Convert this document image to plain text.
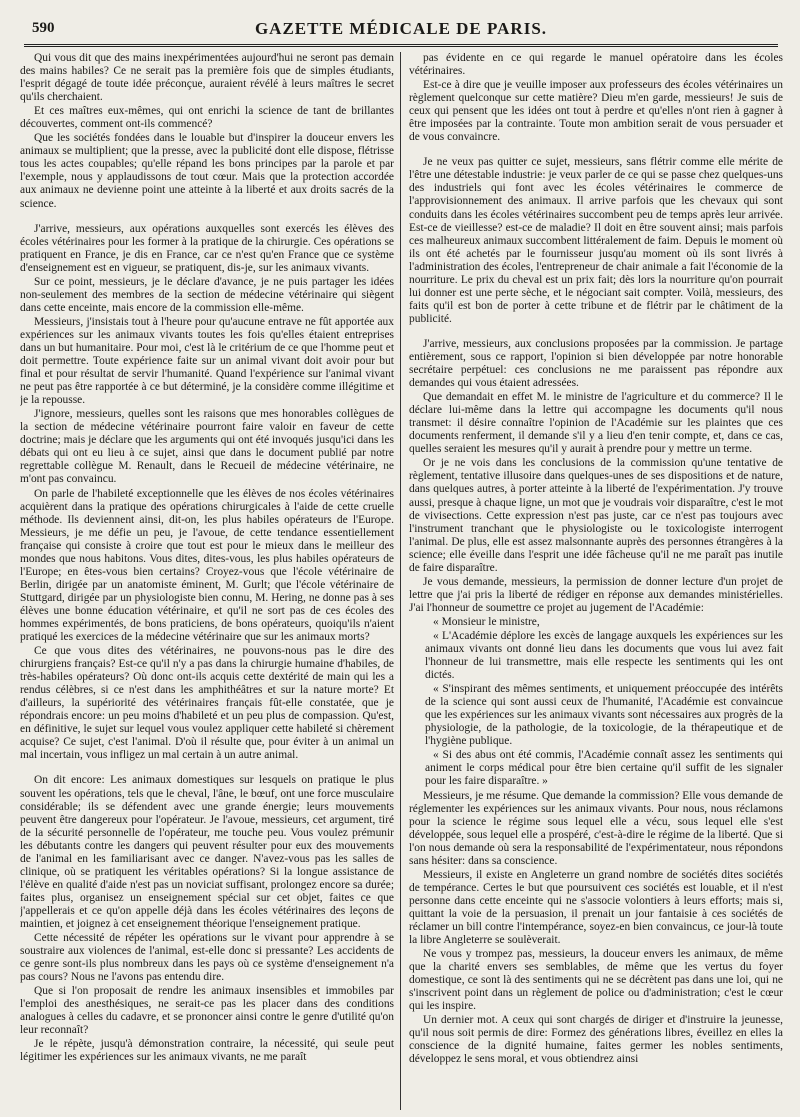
590	GAZETTE MÉDICALE DE PARIS.

Qui vous dit que des mains inexpérimentées aujourd'hui ne seront pas demain des mains habiles? Ce ne serait pas la première fois que de simples étudiants, l'esprit dégagé de toute idée préconçue, auraient révélé à leurs maîtres le secret qu'ils cherchaient.

Et ces maîtres eux-mêmes, qui ont enrichi la science de tant de brillantes découvertes, comment ont-ils commencé?

Que les sociétés fondées dans le louable but d'inspirer la douceur envers les animaux se multiplient; que la presse, avec la publicité dont elle dispose, flétrisse tous les actes coupables; qu'elle répand les bons principes par la parole et par l'exemple, nous y applaudissons de tout cœur. Mais que la protection accordée aux animaux ne devienne point une atteinte à la liberté et aux droits sacrés de la science.

J'arrive, messieurs, aux opérations auxquelles sont exercés les élèves des écoles vétérinaires pour les former à la pratique de la chirurgie. Ces opérations se pratiquent en France, je dis en France, car ce n'est qu'en France que ce système d'enseignement est en vigueur, se pratiquent, dis-je, sur les animaux vivants.

Sur ce point, messieurs, je le déclare d'avance, je ne puis partager les idées non-seulement des membres de la section de médecine vétérinaire qui siègent dans cette enceinte, mais encore de la commission elle-même.

Messieurs, j'insistais tout à l'heure pour qu'aucune entrave ne fût apportée aux expériences sur les animaux vivants toutes les fois qu'elles étaient entreprises dans un but humanitaire. Pour moi, c'est là le critérium de ce que l'homme peut et doit permettre. Toute expérience faite sur un animal vivant doit avoir pour but final et pour résultat de servir l'humanité. Quand l'expérience sur l'animal vivant ne peut pas être rapportée à ce but déterminé, je la considère comme illégitime et je la repousse.

J'ignore, messieurs, quelles sont les raisons que mes honorables collègues de la section de médecine vétérinaire pourront faire valoir en faveur de cette doctrine; mais je déclare que les arguments qui ont été invoqués jusqu'ici dans les débats qui ont eu lieu à ce sujet, ainsi que dans le document publié par notre regrettable collègue M. Renault, dans le Recueil de médecine vétérinaire, ne m'ont pas convaincu.

On parle de l'habileté exceptionnelle que les élèves de nos écoles vétérinaires acquièrent dans la pratique des opérations chirurgicales à l'aide de cette cruelle méthode. Ils deviennent ainsi, dit-on, les plus habiles opérateurs de l'Europe. Messieurs, je me défie un peu, je l'avoue, de cette tendance essentiellement française qui consiste à croire que tout est pour le mieux dans le meilleur des mondes que nous habitons. Vous dites, dites-vous, les plus habiles opérateurs de l'Europe; en êtes-vous bien certains? Croyez-vous que l'école vétérinaire de Berlin, dirigée par un anatomiste éminent, M. Gurlt; que l'école vétérinaire de Stuttgard, dirigée par un physiologiste bien connu, M. Hering, ne donne pas à ses élèves une bonne éducation vétérinaire, et qu'il ne sort pas de ces écoles des hommes expérimentés, de bons praticiens, de bons opérateurs, quoiqu'ils n'aient pratiqué les exercices de la médecine vétérinaire que sur les animaux morts?

Ce que vous dites des vétérinaires, ne pouvons-nous pas le dire des chirurgiens français? Est-ce qu'il n'y a pas dans la chirurgie humaine d'habiles, de très-habiles opérateurs? Où donc ont-ils acquis cette dextérité de main qui les a rendus célèbres, si ce n'est dans les amphithéâtres et sur la nature morte? Et d'ailleurs, la supériorité des vétérinaires français fût-elle constatée, que je répondrais encore: un peu moins d'habileté et un peu plus de compassion. Qu'est, en définitive, le sujet sur lequel vous voulez appliquer cette habileté si chèrement acquise? Ce sujet, c'est l'animal. D'où il résulte que, pour éviter à un animal un mal incertain, vous infligez un mal certain à un autre animal.

On dit encore: Les animaux domestiques sur lesquels on pratique le plus souvent les opérations, tels que le cheval, l'âne, le bœuf, ont une force musculaire considérable; ils se défendent avec une grande énergie; leurs mouvements peuvent être dangereux pour l'opérateur. Je l'avoue, messieurs, cet argument, tiré de la sécurité personnelle de l'opérateur, me touche peu. Vous voulez prémunir les débutants contre les dangers qui peuvent résulter pour eux des mouvements de l'animal en les familiarisant avec ce danger. N'avez-vous pas les salles de clinique, où se pratiquent les véritables opérations? Si la longue assistance de l'élève en qualité d'aide n'est pas un noviciat suffisant, prolongez encore sa durée; faites plus, organisez un enseignement spécial sur cet objet, faites ce que j'appellerais et ce qu'on appelle déjà dans les écoles vétérinaires des leçons de maintien, et joignez à cet enseignement théorique l'enseignement pratique.

Cette nécessité de répéter les opérations sur le vivant pour apprendre à se soustraire aux violences de l'animal, est-elle donc si pressante? Les accidents de ce genre sont-ils plus nombreux dans les pays où ce système d'enseignement n'a pas cours? Nous ne l'avons pas entendu dire.

Que si l'on proposait de rendre les animaux insensibles et immobiles par l'emploi des anesthésiques, ne serait-ce pas les placer dans des conditions analogues à celles du cadavre, et se prononcer ainsi contre le genre d'utilité qu'on leur reconnaît?

Je le répète, jusqu'à démonstration contraire, la nécessité, qui seule peut légitimer les expériences sur les animaux vivants, ne me paraît

pas évidente en ce qui regarde le manuel opératoire dans les écoles vétérinaires.

Est-ce à dire que je veuille imposer aux professeurs des écoles vétérinaires un règlement quelconque sur cette matière? Dieu m'en garde, messieurs! Je suis de ceux qui pensent que les idées ont tout à perdre et qu'elles n'ont rien à gagner à être imposées par la contrainte. Toute mon ambition serait de vous persuader et de vous convaincre.

Je ne veux pas quitter ce sujet, messieurs, sans flétrir comme elle mérite de l'être une détestable industrie: je veux parler de ce qui se passe chez quelques-uns des industriels qui font avec les écoles vétérinaires le commerce de l'approvisionnement des animaux. Il arrive parfois que les chevaux qui sont conduits dans les écoles vétérinaires succombent peu de temps après leur arrivée. Est-ce de vieillesse? est-ce de maladie? Il doit en être souvent ainsi; mais parfois ces malheureux animaux succombent littéralement de faim. Depuis le moment où ils ont été achetés par le fournisseur jusqu'au moment où ils sont livrés à l'administration des écoles, l'entrepreneur de chair animale a fait l'économie de la nourriture. Le prix du cheval est un prix fait; dès lors la nourriture qu'on pourrait lui donner est une perte sèche, et le négociant sait compter. Voilà, messieurs, des faits qu'il est bon de porter à cette tribune et de flétrir par le châtiment de la publicité.

J'arrive, messieurs, aux conclusions proposées par la commission. Je partage entièrement, sous ce rapport, l'opinion si bien développée par notre honorable secrétaire perpétuel: ces conclusions ne me paraissent pas répondre aux demandes qui vous étaient adressées.

Que demandait en effet M. le ministre de l'agriculture et du commerce? Il le déclare lui-même dans la lettre qui accompagne les documents qu'il nous transmet: il désire connaître l'opinion de l'Académie sur les plaintes que ces documents renferment, il demande s'il y a lieu d'en tenir compte, et, dans ce cas, quelles seraient les mesures qu'il y aurait à prendre pour y mettre un terme.

Or je ne vois dans les conclusions de la commission qu'une tentative de règlement, tentative illusoire dans quelques-unes de ses dispositions et de nature, dans quelques autres, à porter atteinte à la liberté de l'expérimentation. J'y trouve aussi, presque à chaque ligne, un mot que je voudrais voir disparaître, c'est le mot de vivisections. Cette expression n'est pas juste, car ce n'est pas toujours avec l'instrument tranchant que le physiologiste ou le toxicologiste interrogent l'animal. De plus, elle est assez malsonnante auprès des personnes étrangères à la science; elle éveille dans l'esprit une idée fâcheuse qu'il ne me paraît pas inutile de faire disparaître.

Je vous demande, messieurs, la permission de donner lecture d'un projet de lettre que j'ai pris la liberté de rédiger en réponse aux demandes ministérielles. J'ai l'honneur de soumettre ce projet au jugement de l'Académie:

« Monsieur le ministre,

« L'Académie déplore les excès de langage auxquels les expériences sur les animaux vivants ont donné lieu dans les documents que vous lui avez fait l'honneur de lui transmettre, mais elle respecte les sentiments qui les ont dictés.

« S'inspirant des mêmes sentiments, et uniquement préoccupée des intérêts de la science qui sont aussi ceux de l'humanité, l'Académie est convaincue que les expériences sur les animaux vivants sont nécessaires aux progrès de la physiologie, de la pathologie, de la toxicologie, de la thérapeutique et de l'hygiène publique.

« Si des abus ont été commis, l'Académie connaît assez les sentiments qui animent le corps médical pour être bien certaine qu'il suffit de les signaler pour les faire disparaître. »

Messieurs, je me résume. Que demande la commission? Elle vous demande de réglementer les expériences sur les animaux vivants. Pour nous, nous réclamons pour la science le régime sous lequel elle a vécu, sous lequel elle s'est développée, sous lequel elle a prospéré, c'est-à-dire le régime de la liberté. Que si l'on nous demande où sera la responsabilité de l'expérimentateur, nous répondons sans hésiter: dans sa conscience.

Messieurs, il existe en Angleterre un grand nombre de sociétés dites sociétés de tempérance. Certes le but que poursuivent ces sociétés est louable, et il n'est personne dans cette enceinte qui ne s'associe volontiers à leurs efforts; mais si, quittant la voie de la persuasion, il prenait un jour fantaisie à ces sociétés de réclamer un bill contre l'intempérance, soyez-en bien convaincus, ce jour-là toute la libre Angleterre se soulèverait.

Ne vous y trompez pas, messieurs, la douceur envers les animaux, de même que la charité envers ses semblables, de même que les vertus du foyer domestique, ce sont là des sentiments qui ne se décrètent pas dans une loi, qui ne s'inscrivent point dans un règlement de police ou d'administration; c'est le cœur qui les inspire.

Un dernier mot. A ceux qui sont chargés de diriger et d'instruire la jeunesse, qu'il nous soit permis de dire: Formez des générations libres, éveillez en elles la conscience de la dignité humaine, faites germer les nobles sentiments, développez le sens moral, et vous obtiendrez ainsi
